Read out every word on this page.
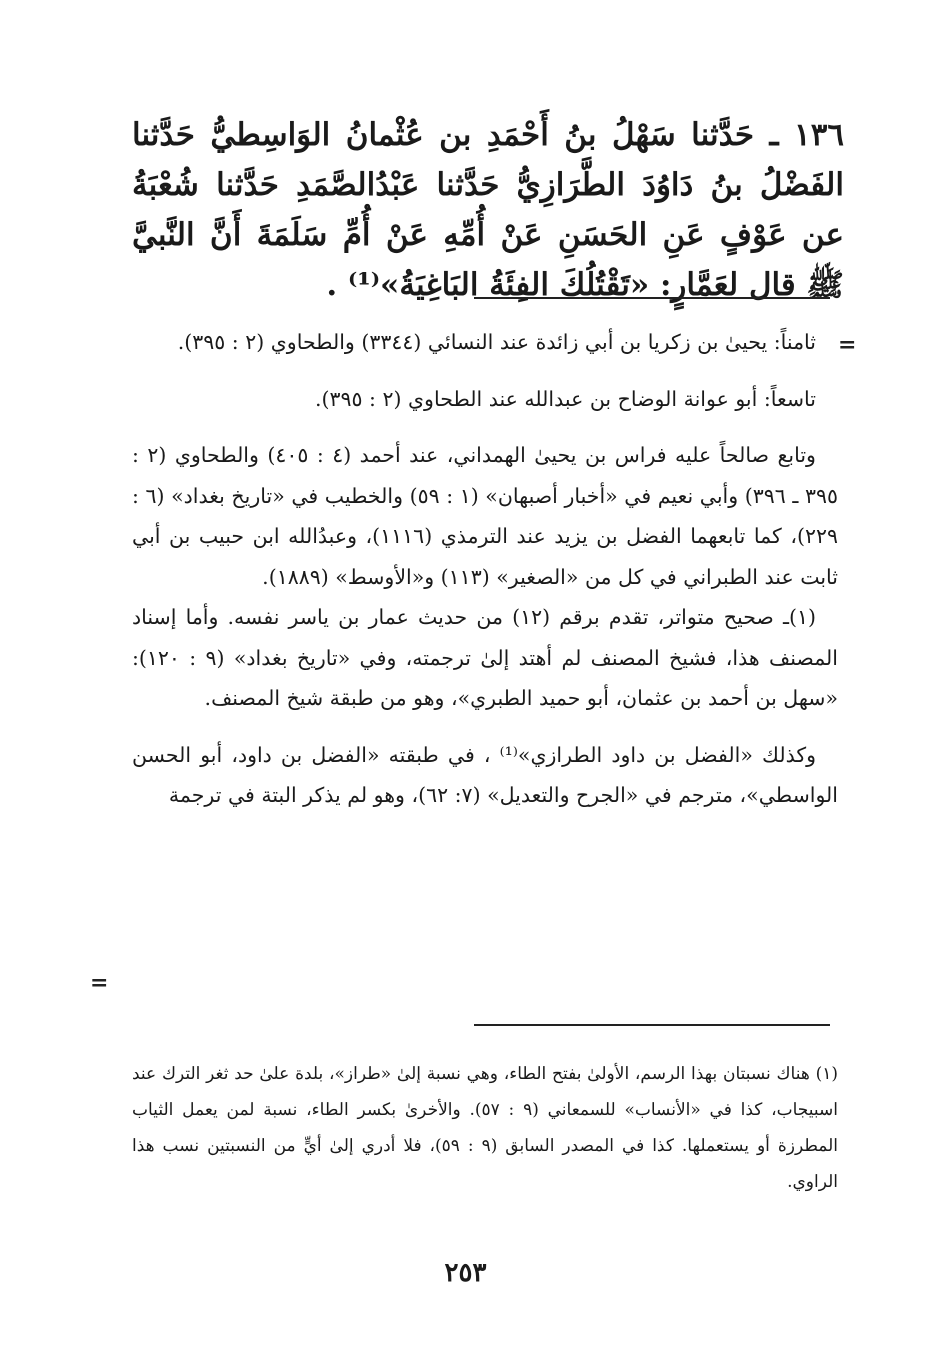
١٣٦ ـ حَدَّثنا سَهْلُ بنُ أَحْمَدِ بن عُثْمانُ الوَاسِطيُّ حَدَّثنا الفَضْلُ بنُ دَاوُدَ الطَّرَازِيُّ حَدَّثنا عَبْدُالصَّمَدِ حَدَّثنا شُعْبَةُ عن عَوْفٍ عَنِ الحَسَنِ عَنْ أُمِّهِ عَنْ أُمِّ سَلَمَةَ أَنَّ النَّبيَّ ﷺ قال لعَمَّارٍ: «تَقْتُلُكَ الفِئَةُ البَاغِيَةُ»⁽¹⁾ .
=

ثامناً: يحيىٰ بن زكريا بن أبي زائدة عند النسائي (٣٣٤٤) والطحاوي (٢ : ٣٩٥).

تاسعاً: أبو عوانة الوضاح بن عبدالله عند الطحاوي (٢ : ٣٩٥).

وتابع صالحاً عليه فراس بن يحيىٰ الهمداني، عند أحمد (٤ : ٤٠٥) والطحاوي (٢ : ٣٩٥ ـ ٣٩٦) وأبي نعيم في «أخبار أصبهان» (١ : ٥٩) والخطيب في «تاريخ بغداد» (٦ : ٢٢٩)، كما تابعهما الفضل بن يزيد عند الترمذي (١١١٦)، وعبدُالله ابن حبيب بن أبي ثابت عند الطبراني في كل من «الصغير» (١١٣) و«الأوسط» (١٨٨٩).

(١)ـ صحيح متواتر، تقدم برقم (١٢) من حديث عمار بن ياسر نفسه. وأما إسناد المصنف هذا، فشيخ المصنف لم أهتد إلىٰ ترجمته، وفي «تاريخ بغداد» (٩ : ١٢٠): «سهل بن أحمد بن عثمان، أبو حميد الطبري»، وهو من طبقة شيخ المصنف.

وكذلك «الفضل بن داود الطرازي»⁽¹⁾ ، في طبقته «الفضل بن داود، أبو الحسن الواسطي»، مترجم في «الجرح والتعديل» (٧: ٦٢)، وهو لم يذكر البتة في ترجمة

=

(١) هناك نسبتان بهذا الرسم، الأولىٰ بفتح الطاء، وهي نسبة إلىٰ «طراز»، بلدة علىٰ حد ثغر الترك عند اسبيجاب، كذا في «الأنساب» للسمعاني (٩ : ٥٧). والأخرىٰ بكسر الطاء، نسبة لمن يعمل الثياب المطرزة أو يستعملها. كذا في المصدر السابق (٩ : ٥٩)، فلا أدري إلىٰ أيٍّ من النسبتين نسب هذا الراوي.

٢٥٣
